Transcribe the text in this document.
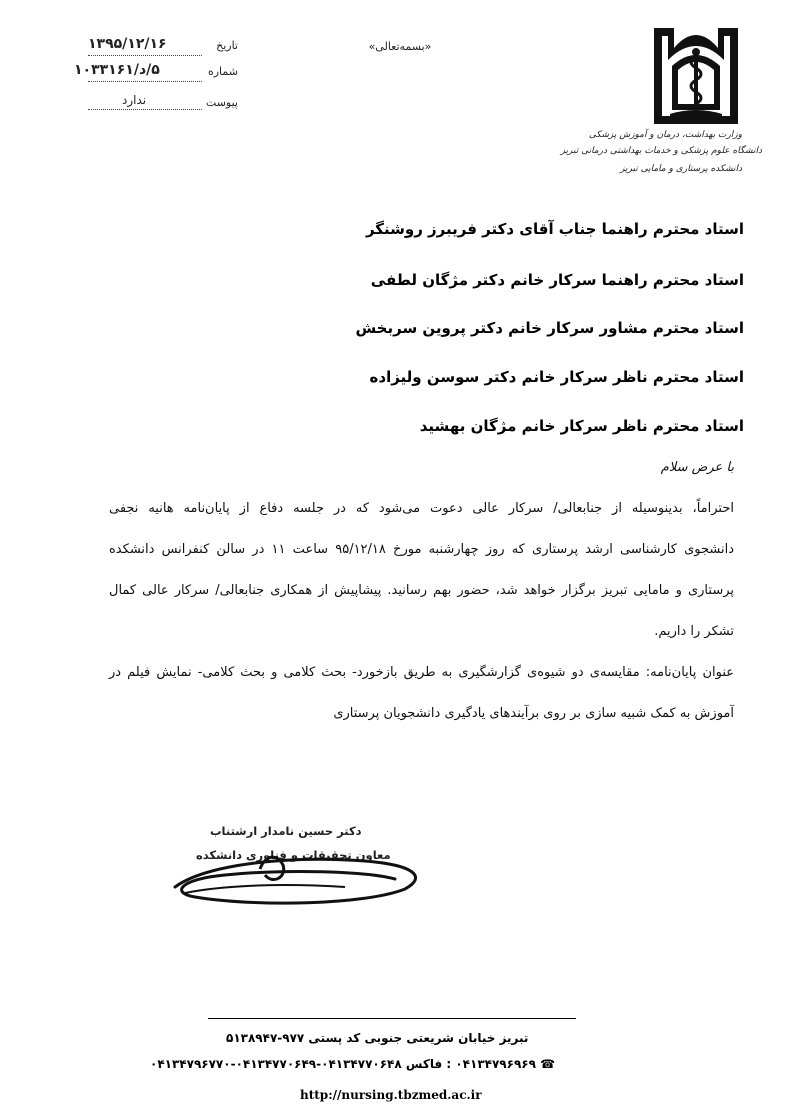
۱۳۹۵/۱۲/۱۶	تاریخ
۵/د/۱۰۳۳۱۶۱	شماره
ندارد	پیوست
«بسمه‌تعالی»
وزارت بهداشت، درمان و آموزش پزشکی
دانشگاه علوم پزشکی و خدمات بهداشتی درمانی تبریز
دانشکده پرستاری و مامایی تبریز
استاد محترم راهنما جناب آقای دکتر فریبرز روشنگر
استاد محترم راهنما سرکار خانم دکتر مژگان لطفی
استاد محترم مشاور سرکار خانم دکتر پروین سربخش
استاد محترم ناظر سرکار خانم دکتر سوسن ولیزاده
استاد محترم ناظر سرکار خانم مژگان بهشید
با عرض سلام
احتراماً، بدینوسیله از جنابعالی/ سرکار عالی دعوت می‌شود که در جلسه دفاع از پایان‌نامه هانیه نجفی
دانشجوی کارشناسی ارشد پرستاری که روز چهارشنبه مورخ ۹۵/۱۲/۱۸ ساعت ۱۱ در سالن کنفرانس دانشکده
پرستاری و مامایی تبریز برگزار خواهد شد، حضور بهم رسانید. پیشاپیش از همکاری جنابعالی/ سرکار عالی کمال
تشکر را داریم.
عنوان پایان‌نامه: مقایسه‌ی دو شیوه‌ی گزارشگیری به طریق بازخورد- بحث کلامی و بحث کلامی- نمایش فیلم در
آموزش به کمک شبیه سازی بر روی برآیندهای یادگیری دانشجویان پرستاری
دکتر حسین نامدار ارشتناب
معاون تحقیقات و فناوری دانشکده
تبریز خیابان شریعتی جنوبی کد پستی ۹۷۷-۵۱۳۸۹۴۷
☎ ۰۴۱۳۴۷۹۶۹۶۹ : فاکس ۰۴۱۳۴۷۷۰۶۴۸-۰۴۱۳۴۷۷۰۶۴۹-۰۴۱۳۴۷۹۶۷۷۰
http://nursing.tbzmed.ac.ir
